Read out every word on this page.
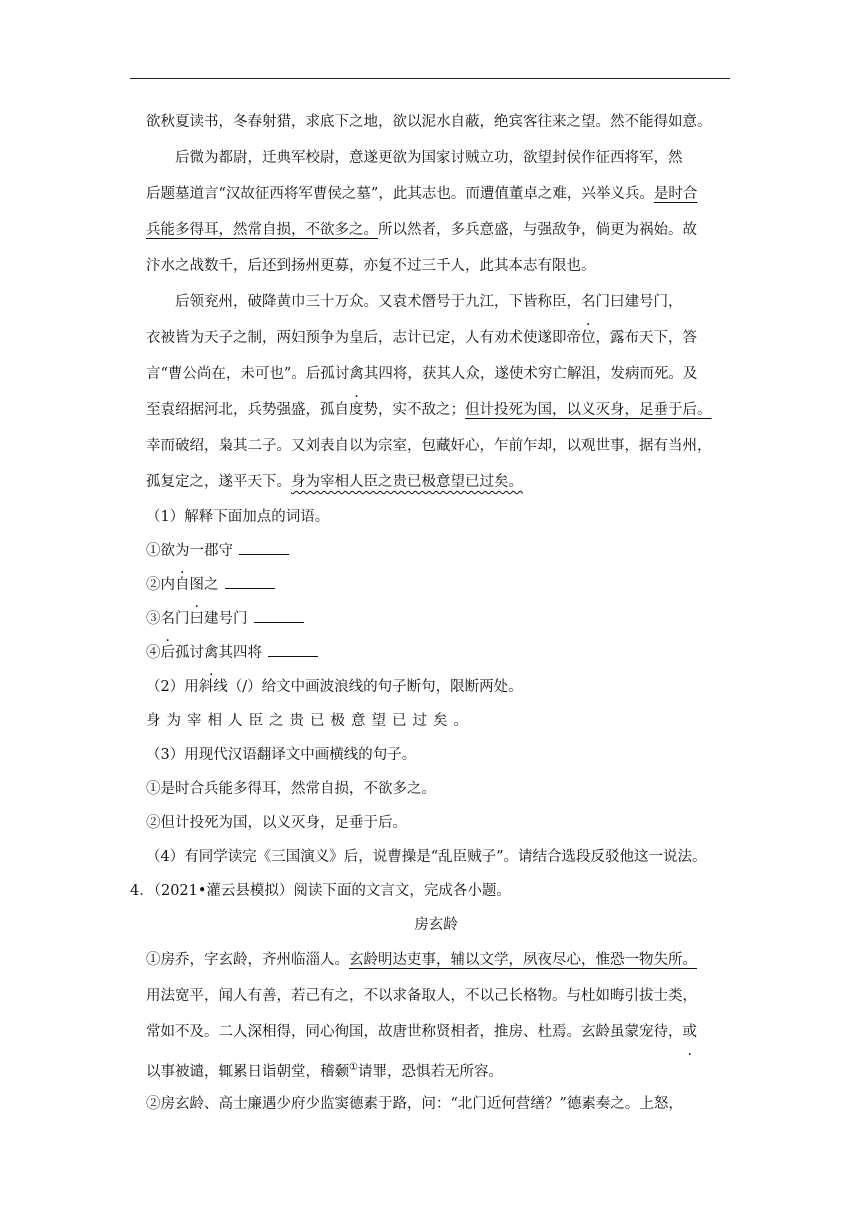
欲秋夏读书，冬春射猎，求底下之地，欲以泥水自蔽，绝宾客往来之望。然不能得如意。
后微为都尉，迁典军校尉，意遂更欲为国家讨贼立功，欲望封侯作征西将军，然
后题墓道言“汉故征西将军曹侯之墓”，此其志也。而遭值董卓之难，兴举义兵。是时合
兵能多得耳，然常自损，不欲多之。所以然者，多兵意盛，与强敌争，倘更为祸始。故
汴水之战数千，后还到扬州更募，亦复不过三千人，此其本志有限也。
后领兖州，破降黄巾三十万众。又袁术僭号于九江，下皆称臣，名门曰建号门，
衣被皆为天子之制，两妇预争为皇后，志计已定，人有劝术使遂即帝位，露布天下，答
言“曹公尚在，未可也”。后孤讨禽其四将，获其人众，遂使术穷亡解沮，发病而死。及
至袁绍据河北，兵势强盛，孤自度势，实不敌之；但计投死为国，以义灭身，足垂于后。
幸而破绍，枭其二子。又刘表自以为宗室，包藏奸心，乍前乍却，以观世事，据有当州，
孤复定之，遂平天下。身为宰相人臣之贵已极意望已过矣。
（1）解释下面加点的词语。
①欲为一郡守
②内自图之
③名门曰建号门
④后孤讨禽其四将
（2）用斜线（/）给文中画波浪线的句子断句，限断两处。
身为宰相人臣之贵已极意望已过矣。
（3）用现代汉语翻译文中画横线的句子。
①是时合兵能多得耳，然常自损，不欲多之。
②但计投死为国，以义灭身，足垂于后。
（4）有同学读完《三国演义》后，说曹操是“乱臣贼子”。请结合选段反驳他这一说法。
4．（2021•灌云县模拟）阅读下面的文言文，完成各小题。
房玄龄
①房乔，字玄龄，齐州临淄人。玄龄明达吏事，辅以文学，夙夜尽心，惟恐一物失所。
用法宽平，闻人有善，若己有之，不以求备取人，不以己长格物。与杜如晦引拔士类，
常如不及。二人深相得，同心徇国，故唐世称贤相者，推房、杜焉。玄龄虽蒙宠待，或
以事被谴，辄累日诣朝堂，稽颡①请罪，恐惧若无所容。
②房玄龄、高士廉遇少府少监窦德素于路，问：“北门近何营缮？”德素奏之。上怒，
